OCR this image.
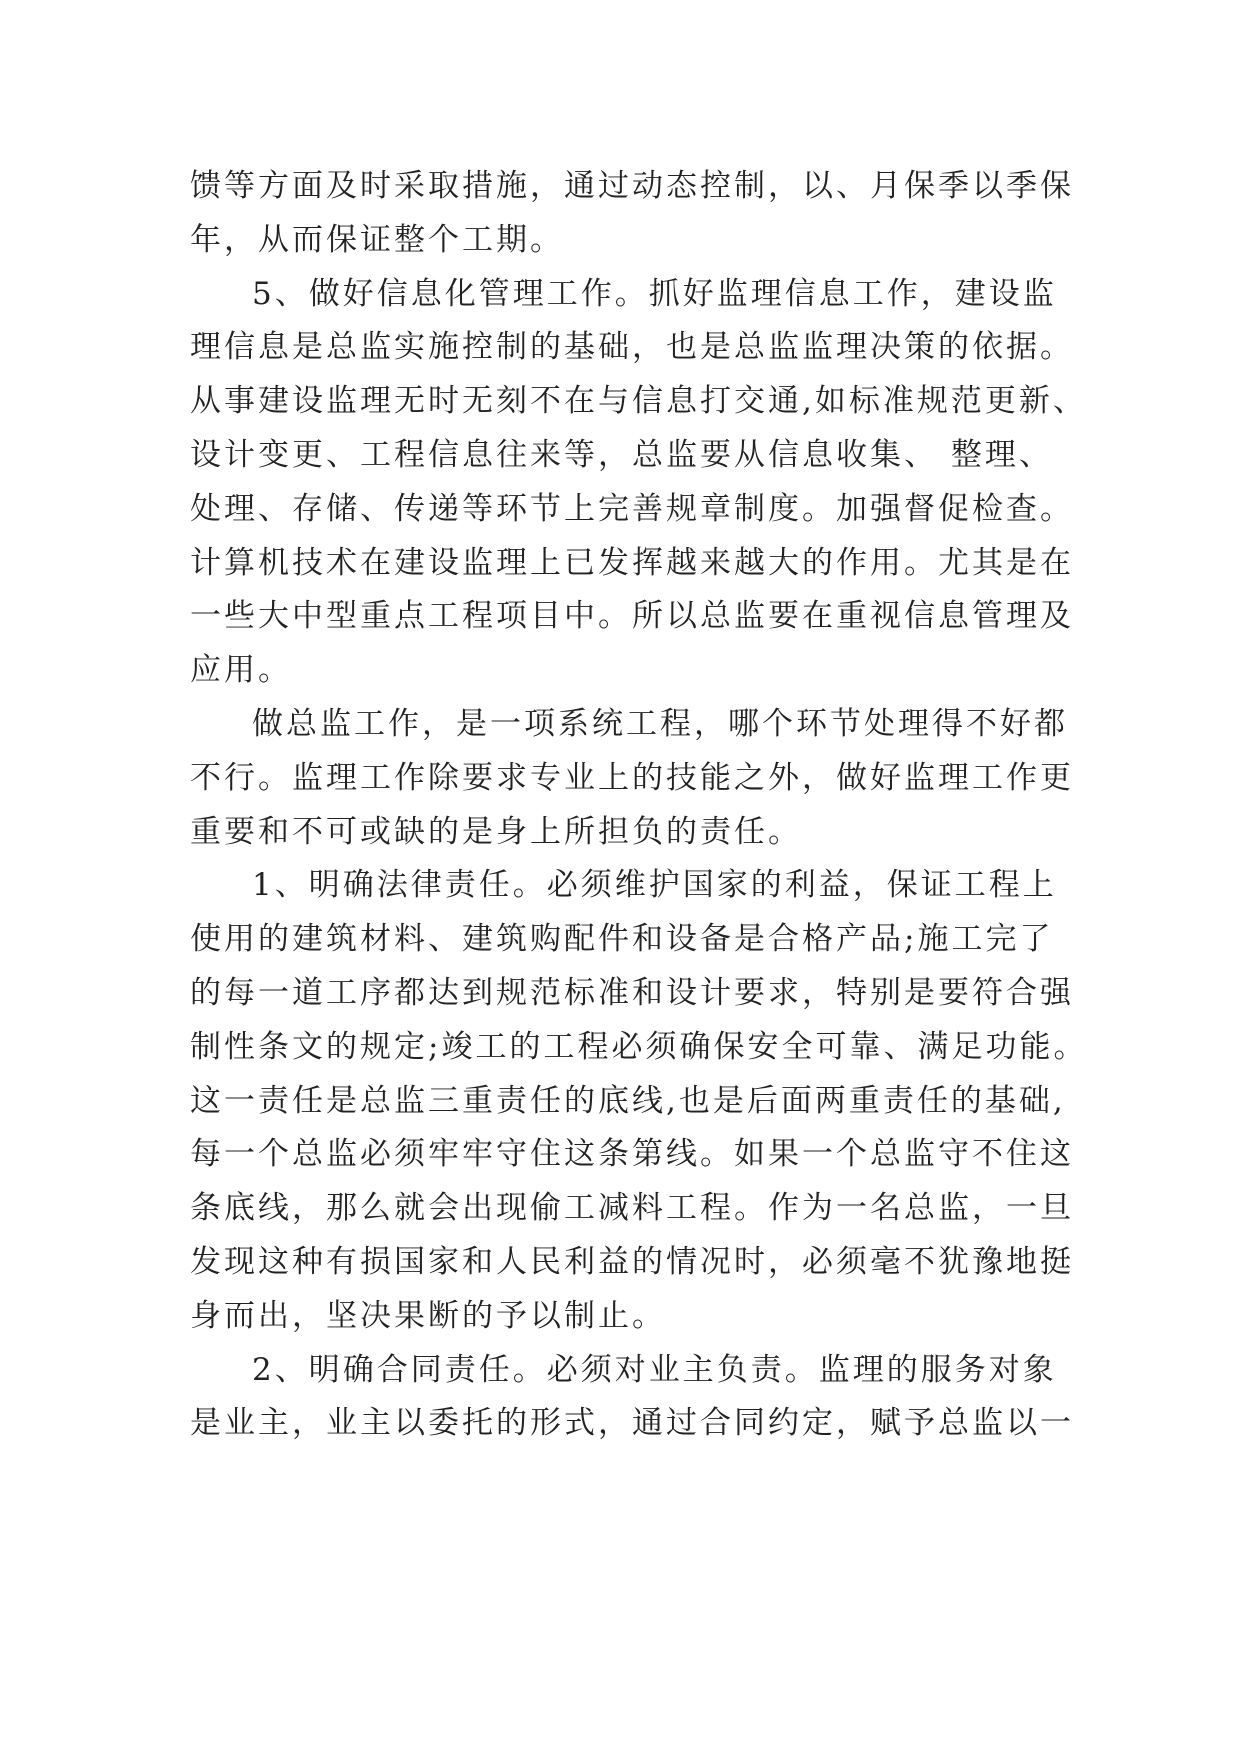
馈等方面及时采取措施，通过动态控制，以、月保季以季保
年，从而保证整个工期。
5、做好信息化管理工作。抓好监理信息工作，建设监
理信息是总监实施控制的基础，也是总监监理决策的依据。
从事建设监理无时无刻不在与信息打交通,如标准规范更新、
设计变更、工程信息往来等，总监要从信息收集、 整理、
处理、存储、传递等环节上完善规章制度。加强督促检查。
计算机技术在建设监理上已发挥越来越大的作用。尤其是在
一些大中型重点工程项目中。所以总监要在重视信息管理及
应用。
做总监工作，是一项系统工程，哪个环节处理得不好都
不行。监理工作除要求专业上的技能之外，做好监理工作更
重要和不可或缺的是身上所担负的责任。
1、明确法律责任。必须维护国家的利益，保证工程上
使用的建筑材料、建筑购配件和设备是合格产品;施工完了
的每一道工序都达到规范标准和设计要求，特别是要符合强
制性条文的规定;竣工的工程必须确保安全可靠、满足功能。
这一责任是总监三重责任的底线,也是后面两重责任的基础,
每一个总监必须牢牢守住这条第线。如果一个总监守不住这
条底线，那么就会出现偷工减料工程。作为一名总监，一旦
发现这种有损国家和人民利益的情况时，必须毫不犹豫地挺
身而出，坚决果断的予以制止。
2、明确合同责任。必须对业主负责。监理的服务对象
是业主，业主以委托的形式，通过合同约定，赋予总监以一
